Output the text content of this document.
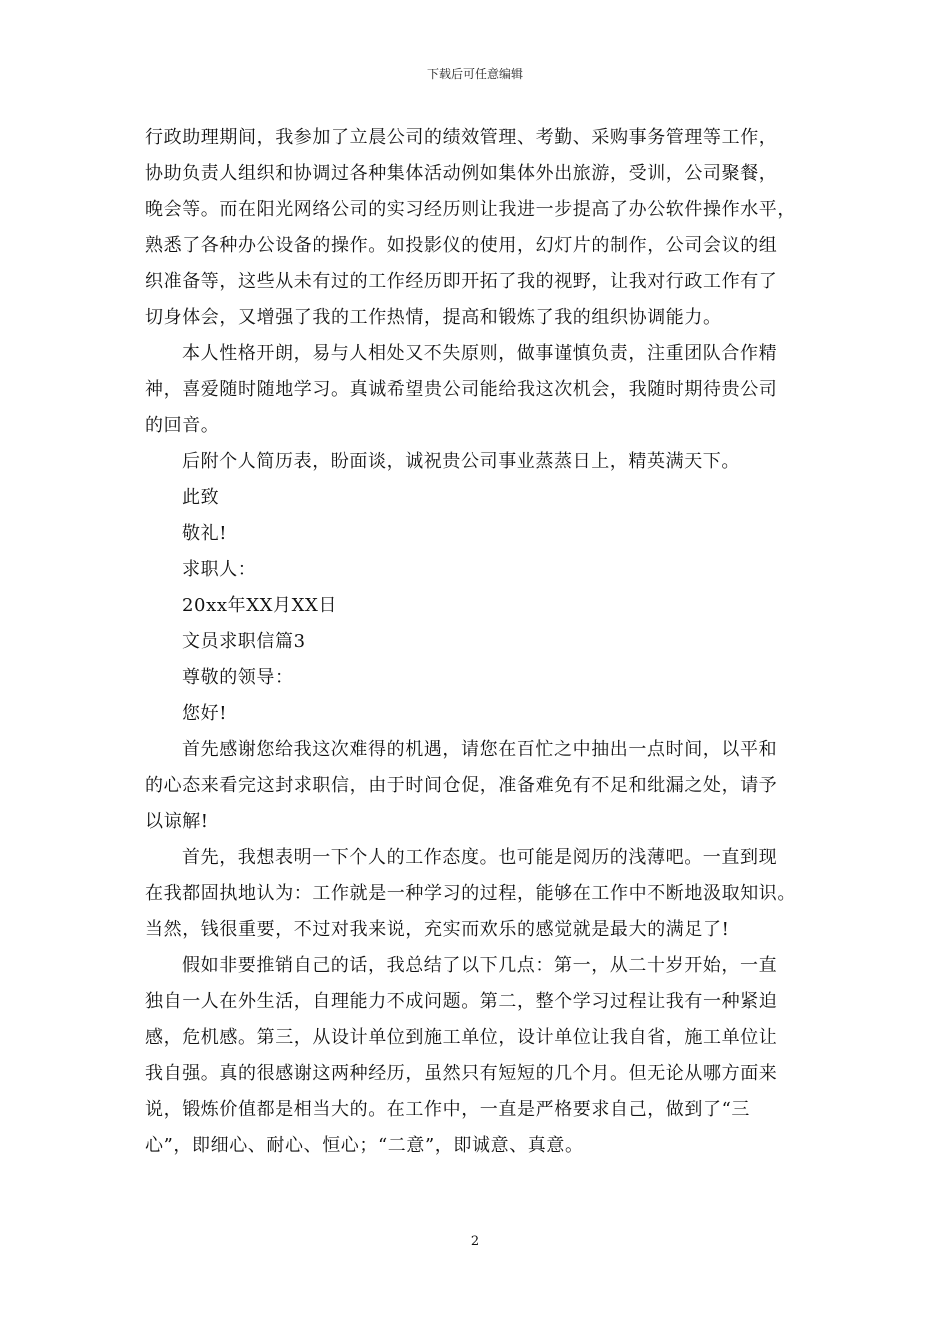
下载后可任意编辑
行政助理期间，我参加了立晨公司的绩效管理、考勤、采购事务管理等工作，
协助负责人组织和协调过各种集体活动例如集体外出旅游，受训，公司聚餐，
晚会等。而在阳光网络公司的实习经历则让我进一步提高了办公软件操作水平，
熟悉了各种办公设备的操作。如投影仪的使用，幻灯片的制作，公司会议的组
织准备等，这些从未有过的工作经历即开拓了我的视野，让我对行政工作有了
切身体会，又增强了我的工作热情，提高和锻炼了我的组织协调能力。
本人性格开朗，易与人相处又不失原则，做事谨慎负责，注重团队合作精
神，喜爱随时随地学习。真诚希望贵公司能给我这次机会，我随时期待贵公司
的回音。
后附个人简历表，盼面谈，诚祝贵公司事业蒸蒸日上，精英满天下。
此致
敬礼!
求职人：
20xx年XX月XX日
文员求职信篇3
尊敬的领导：
您好!
首先感谢您给我这次难得的机遇，请您在百忙之中抽出一点时间，以平和
的心态来看完这封求职信，由于时间仓促，准备难免有不足和纰漏之处，请予
以谅解!
首先，我想表明一下个人的工作态度。也可能是阅历的浅薄吧。一直到现
在我都固执地认为：工作就是一种学习的过程，能够在工作中不断地汲取知识。
当然，钱很重要，不过对我来说，充实而欢乐的感觉就是最大的满足了!
假如非要推销自己的话，我总结了以下几点：第一，从二十岁开始，一直
独自一人在外生活，自理能力不成问题。第二，整个学习过程让我有一种紧迫
感，危机感。第三，从设计单位到施工单位，设计单位让我自省，施工单位让
我自强。真的很感谢这两种经历，虽然只有短短的几个月。但无论从哪方面来
说，锻炼价值都是相当大的。在工作中，一直是严格要求自己，做到了“三
心”，即细心、耐心、恒心；“二意”，即诚意、真意。
2
